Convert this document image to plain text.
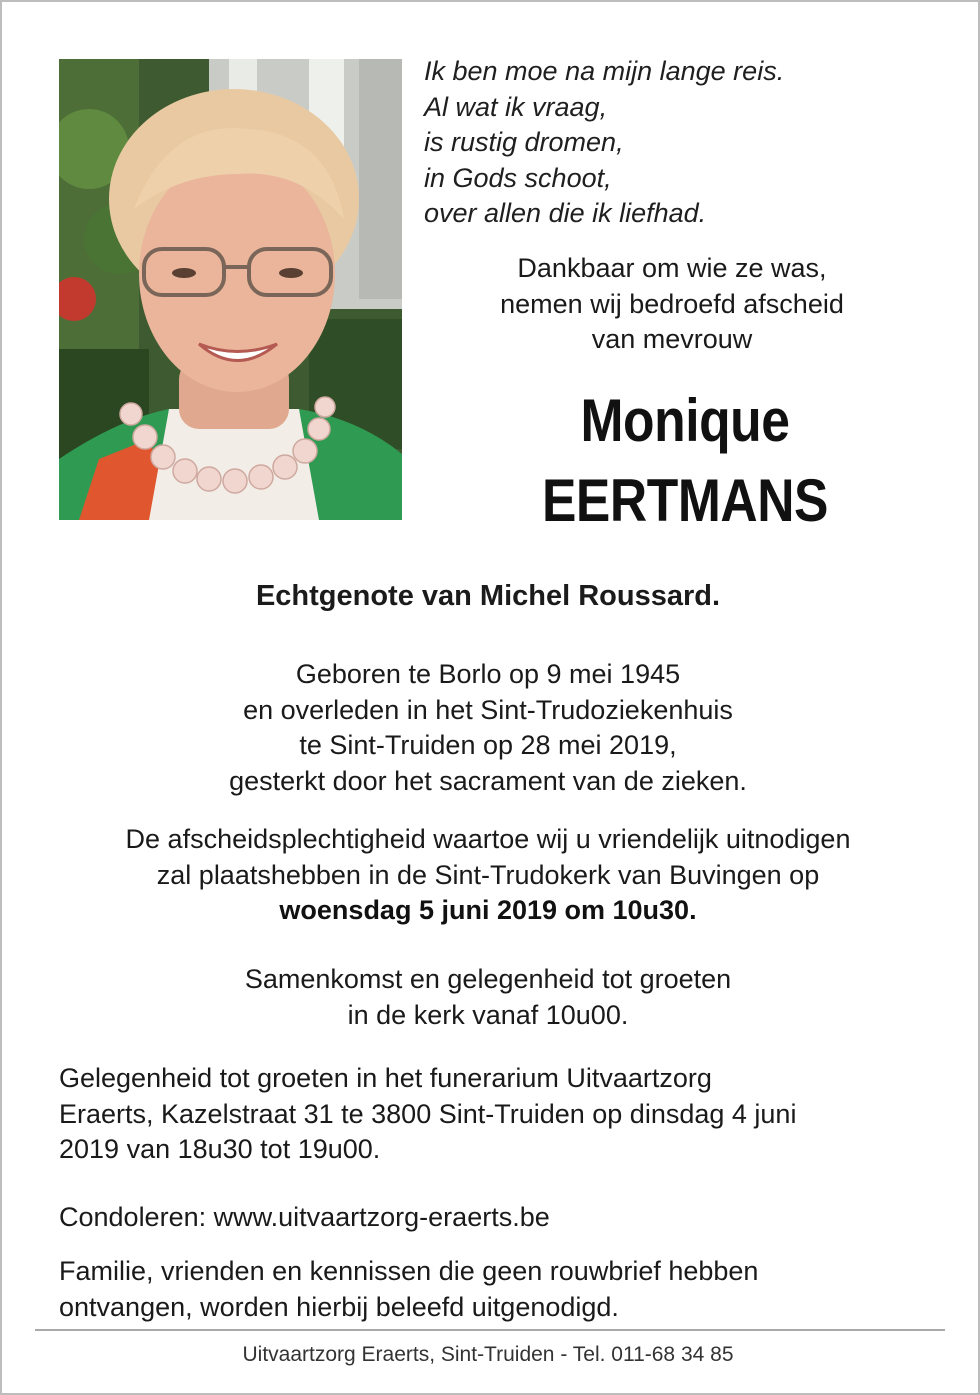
Ik ben moe na mijn lange reis.
Al wat ik vraag,
is rustig dromen,
in Gods schoot,
over allen die ik liefhad.
Dankbaar om wie ze was,
nemen wij bedroefd afscheid
van mevrouw
Monique
EERTMANS
Echtgenote van Michel Roussard.
Geboren te Borlo op 9 mei 1945
en overleden in het Sint-Trudoziekenhuis
te Sint-Truiden op 28 mei 2019,
gesterkt door het sacrament van de zieken.
De afscheidsplechtigheid waartoe wij u vriendelijk uitnodigen
zal plaatshebben in de Sint-Trudokerk van Buvingen op
woensdag 5 juni 2019 om 10u30.
Samenkomst en gelegenheid tot groeten
in de kerk vanaf 10u00.
Gelegenheid tot groeten in het funerarium Uitvaartzorg
Eraerts, Kazelstraat 31 te 3800 Sint-Truiden op dinsdag 4 juni
2019 van 18u30 tot 19u00.
Condoleren: www.uitvaartzorg-eraerts.be
Familie, vrienden en kennissen die geen rouwbrief hebben
ontvangen, worden hierbij beleefd uitgenodigd.
Uitvaartzorg Eraerts, Sint-Truiden - Tel. 011-68 34 85
